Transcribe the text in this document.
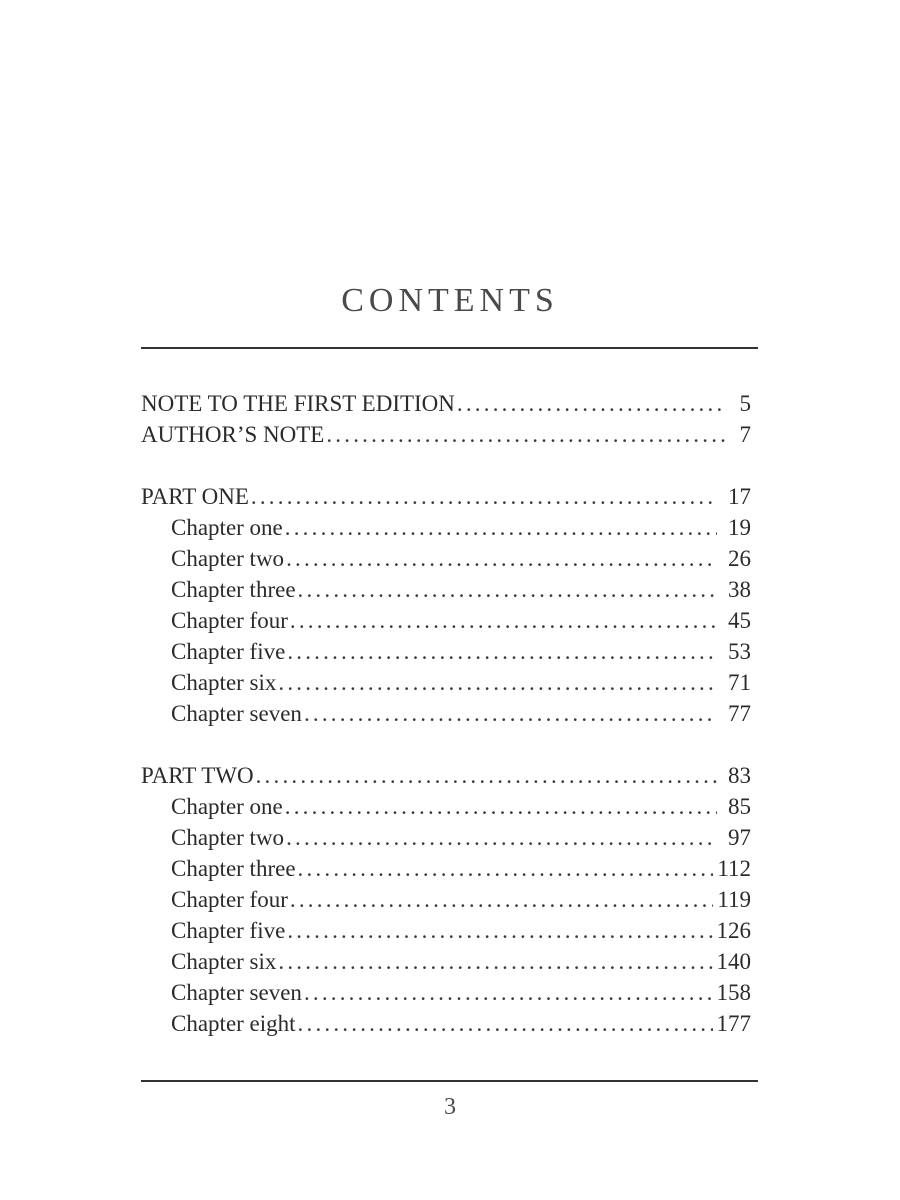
CONTENTS
NOTE TO THE FIRST EDITION .....	5
AUTHOR’S NOTE .....	7
PART ONE .....	17
Chapter one .....	19
Chapter two .....	26
Chapter three .....	38
Chapter four .....	45
Chapter five .....	53
Chapter six .....	71
Chapter seven .....	77
PART TWO .....	83
Chapter one .....	85
Chapter two .....	97
Chapter three .....	112
Chapter four .....	119
Chapter five .....	126
Chapter six .....	140
Chapter seven .....	158
Chapter eight .....	177
3
